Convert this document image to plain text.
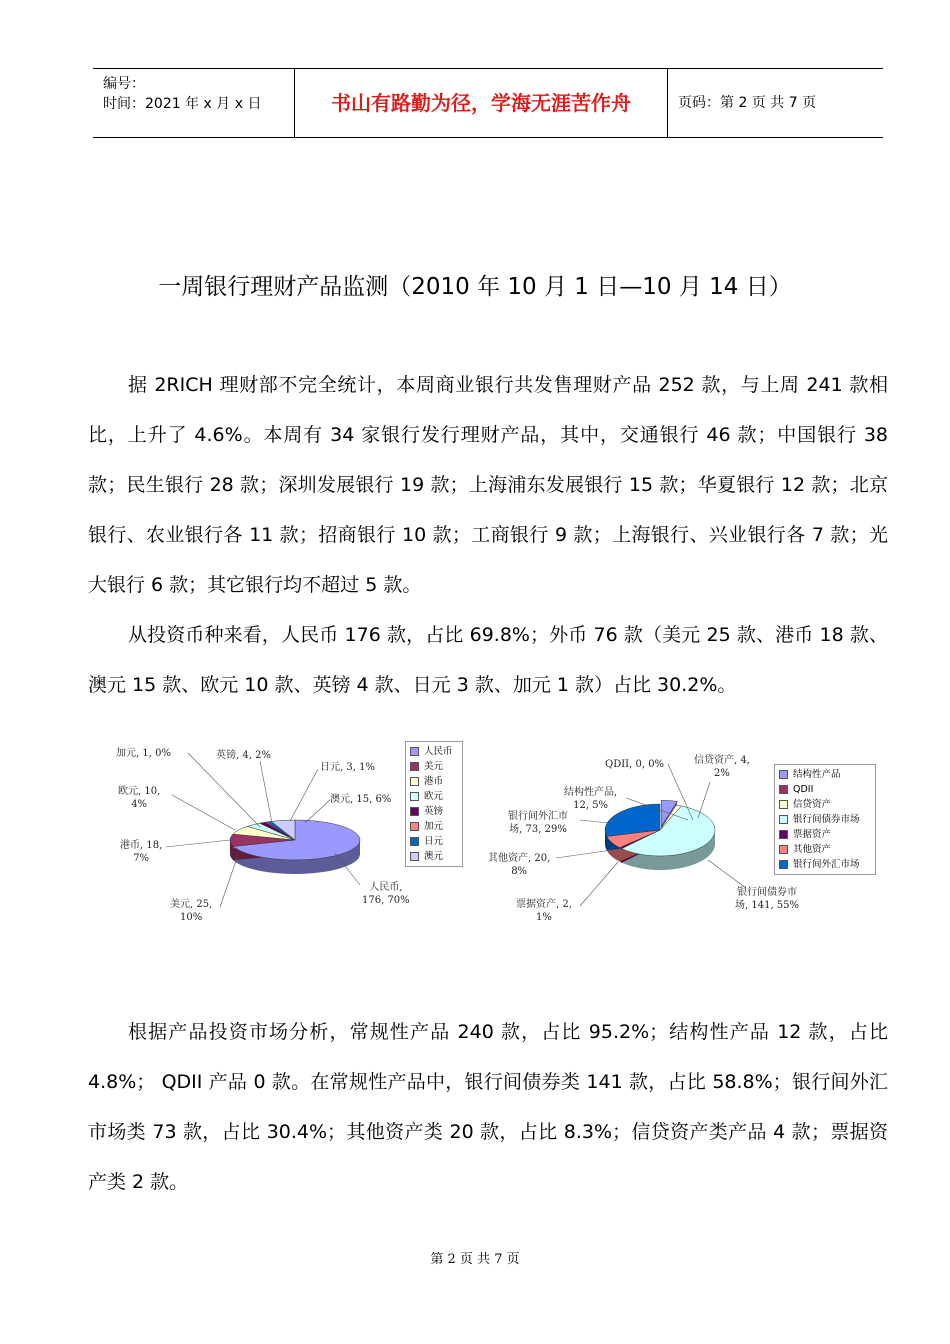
编号：
时间：2021 年 x 月 x 日	书山有路勤为径，学海无涯苦作舟	页码：第 2 页 共 7 页
一周银行理财产品监测（2010 年 10 月 1 日—10 月 14 日）

据 2RICH 理财部不完全统计，本周商业银行共发售理财产品 252 款，与上周 241 款相比，上升了 4.6%。本周有 34 家银行发行理财产品，其中，交通银行 46 款；中国银行 38 款；民生银行 28 款；深圳发展银行 19 款；上海浦东发展银行 15 款；华夏银行 12 款；北京银行、农业银行各 11 款；招商银行 10 款；工商银行 9 款；上海银行、兴业银行各 7 款；光大银行 6 款；其它银行均不超过 5 款。

从投资币种来看，人民币 176 款，占比 69.8%；外币 76 款（美元 25 款、港币 18 款、澳元 15 款、欧元 10 款、英镑 4 款、日元 3 款、加元 1 款）占比 30.2%。

加元, 1, 0%	英镑, 4, 2%
日元, 3, 1%
欧元, 10,
4%	澳元, 15, 6%
港币, 18,
7%
美元, 25,
10%
人民币,
176, 70%
人民币
美元
港币
欧元
英镑
加元
日元
澳元
QDII, 0, 0%	信贷资产, 4,
2%
结构性产品,
12, 5%
银行间外汇市
场, 73, 29%
其他资产, 20,
8%
票据资产, 2,
1%
银行间债券市
场, 141, 55%
结构性产品
QDII
信贷资产
银行间债券市场
票据资产
其他资产
银行间外汇市场

根据产品投资市场分析，常规性产品 240 款，占比 95.2%；结构性产品 12 款，占比 4.8%； QDII 产品 0 款。在常规性产品中，银行间债券类 141 款，占比 58.8%；银行间外汇市场类 73 款，占比 30.4%；其他资产类 20 款，占比 8.3%；信贷资产类产品 4 款；票据资产类 2 款。

第 2 页 共 7 页
